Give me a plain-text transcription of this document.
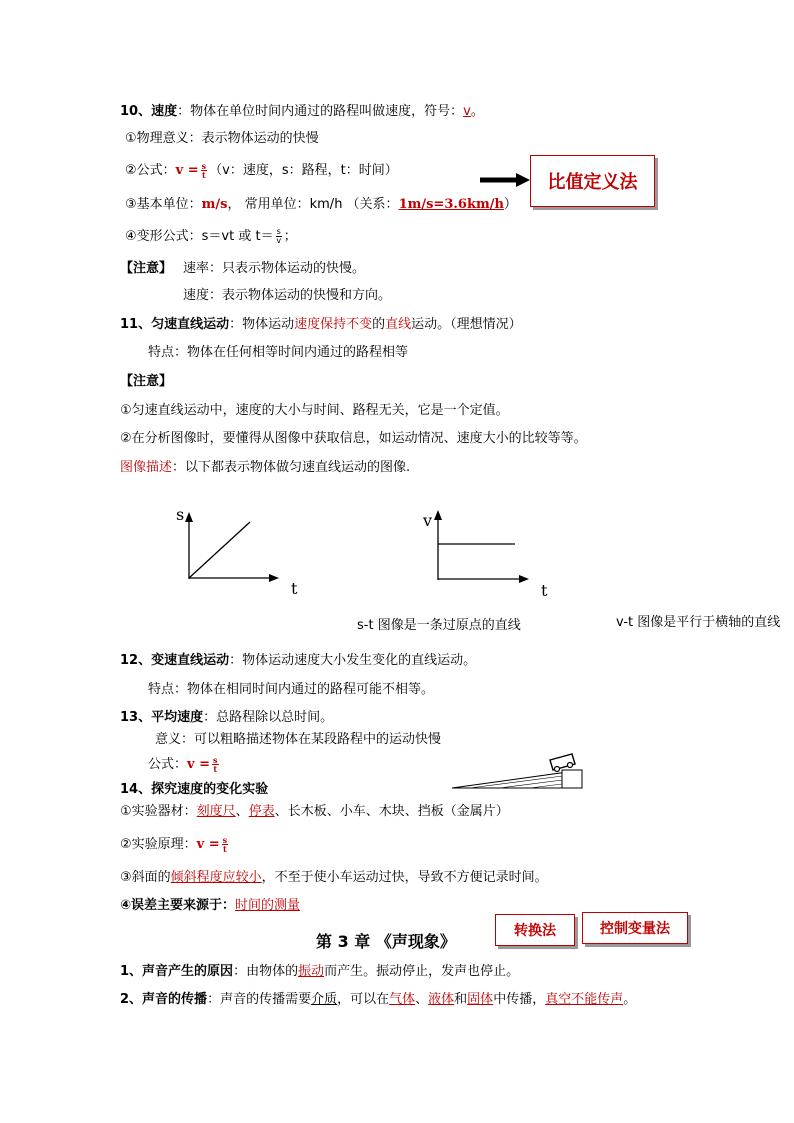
10、速度：物体在单位时间内通过的路程叫做速度，符号：v。
①物理意义：表示物体运动的快慢
②公式：$v = \frac{s}{t} (v$：速度，s：路程，t：时间）
③基本单位：m/s， 常用单位：km/h （关系：1m/s=3.6km/h）
④变形公式：s＝vt 或 $t= \frac{s}{v}$ ；
【注意】 速率：只表示物体运动的快慢。
速度：表示物体运动的快慢和方向。
比值定义法
11、匀速直线运动：物体运动速度保持不变的直线运动。（理想情况）
特点：物体在任何相等时间内通过的路程相等
【注意】
①匀速直线运动中，速度的大小与时间、路程无关，它是一个定值。
②在分析图像时，要懂得从图像中获取信息，如运动情况、速度大小的比较等等。
图像描述：以下都表示物体做匀速直线运动的图像.
s
t
v
t
s-t 图像是一条过原点的直线	v-t 图像是平行于横轴的直线
12、变速直线运动：物体运动速度大小发生变化的直线运动。
特点：物体在相同时间内通过的路程可能不相等。
13、平均速度：总路程除以总时间。
意义：可以粗略描述物体在某段路程中的运动快慢
公式：$v = \frac{s}{t}$
14、探究速度的变化实验
①实验器材：刻度尺、停表、长木板、小车、木块、挡板（金属片）
②实验原理：$v = \frac{s}{t}$
③斜面的倾斜程度应较小，不至于使小车运动过快，导致不方便记录时间。
④误差主要来源于：时间的测量
第 3 章 《声现象》
转换法	控制变量法
1、声音产生的原因：由物体的振动而产生。振动停止，发声也停止。
2、声音的传播：声音的传播需要介质，可以在气体、液体和固体中传播，真空不能传声。
